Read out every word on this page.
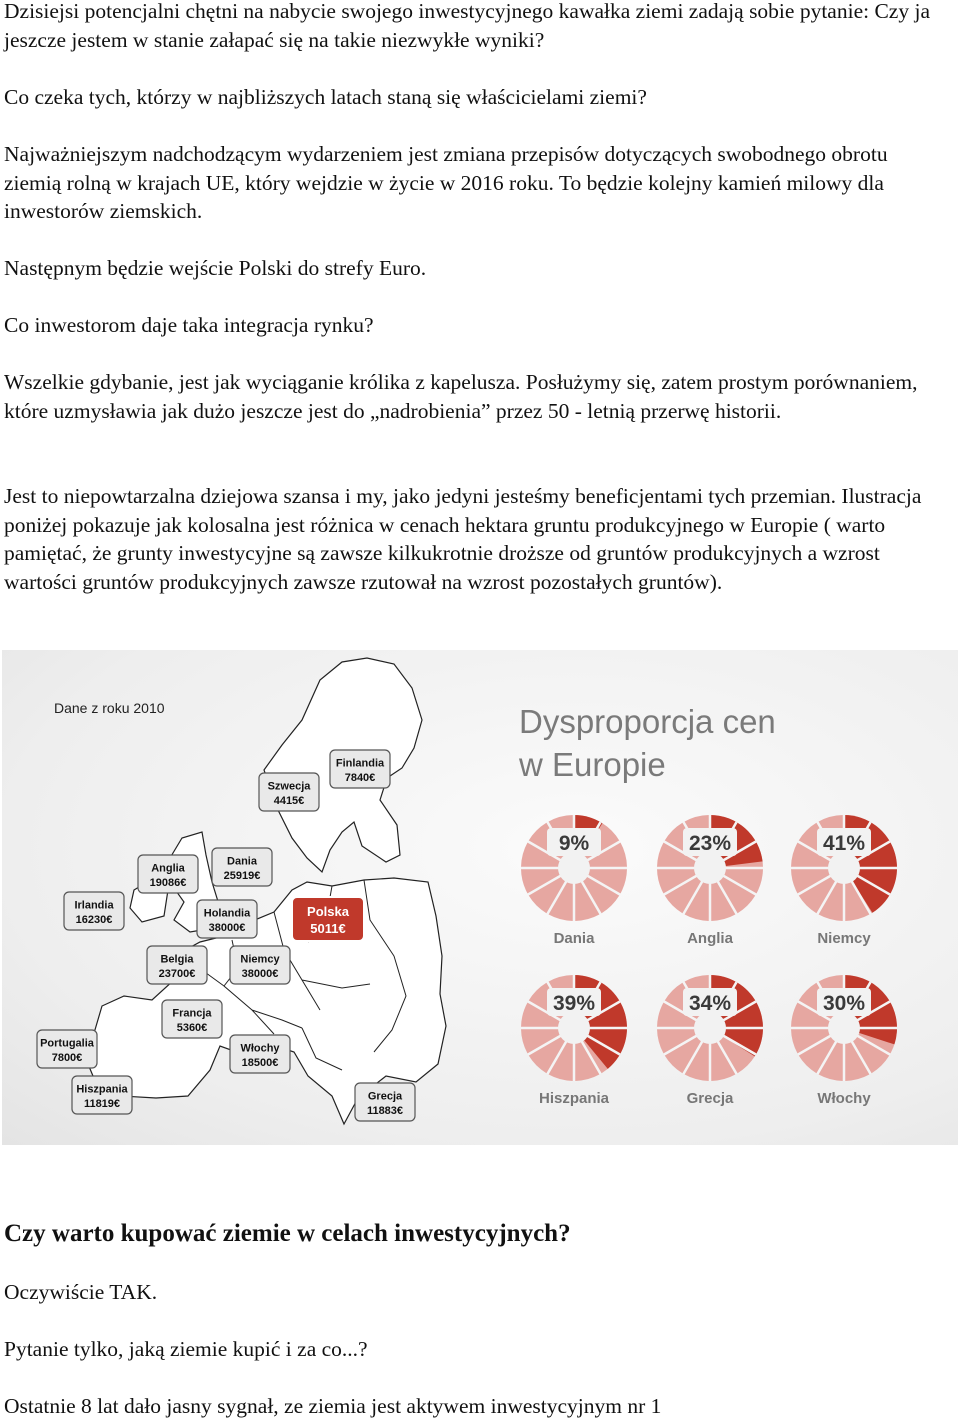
Dzisiejsi potencjalni chętni na nabycie swojego inwestycyjnego kawałka ziemi zadają sobie pytanie: Czy ja jeszcze jestem w stanie załapać się na takie niezwykłe wyniki?

Co czeka tych, którzy w najbliższych latach staną się właścicielami ziemi?

Najważniejszym nadchodzącym wydarzeniem jest zmiana przepisów dotyczących swobodnego obrotu ziemią rolną w krajach UE, który wejdzie w życie w 2016 roku. To będzie kolejny kamień milowy dla inwestorów ziemskich.

Następnym będzie wejście Polski do strefy Euro.

Co inwestorom daje taka integracja rynku?

Wszelkie gdybanie, jest jak wyciąganie królika z kapelusza. Posłużymy się, zatem prostym porównaniem, które uzmysławia jak dużo jeszcze jest do „nadrobienia” przez 50 - letnią przerwę historii.

Jest to niepowtarzalna dziejowa szansa i my, jako jedyni jesteśmy beneficjentami tych przemian. Ilustracja poniżej pokazuje jak kolosalna jest różnica w cenach hektara gruntu produkcyjnego w Europie ( warto pamiętać, że grunty inwestycyjne są zawsze kilkukrotnie droższe od gruntów produkcyjnych a wzrost wartości gruntów produkcyjnych zawsze rzutował na wzrost pozostałych gruntów).

Finlandia
7840€
Szwecja
4415€
Dania
25919€
Anglia
19086€
Irlandia
16230€
Holandia
38000€
Polska
5011€
Belgia
23700€
Niemcy
38000€
Francja
5360€
Portugalia
7800€
Włochy
18500€
Hiszpania
11819€
Grecja
11883€
9%
Dania
23%
Anglia
41%
Niemcy
39%
Hiszpania
34%
Grecja
30%
Włochy
Dane z roku 2010	Dysproporcja cen
w Europie
Czy warto kupować ziemie w celach inwestycyjnych?

Oczywiście TAK.

Pytanie tylko, jaką ziemie kupić i za co...?

Ostatnie 8 lat dało jasny sygnał, ze ziemia jest aktywem inwestycyjnym nr 1
